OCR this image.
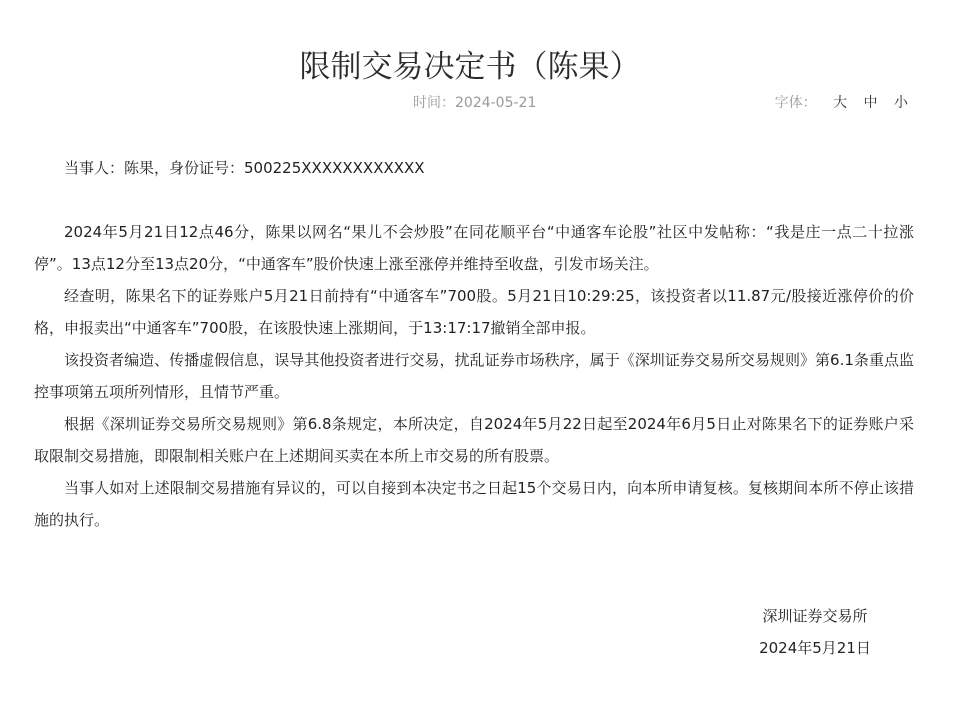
限制交易决定书（陈果）
时间：2024-05-21	字体： 大 中 小

当事人：陈果，身份证号：500225XXXXXXXXXXXX

2024年5月21日12点46分，陈果以网名“果儿不会炒股”在同花顺平台“中通客车论股”社区中发帖称：“我是庄一点二十拉涨停”。13点12分至13点20分，“中通客车”股价快速上涨至涨停并维持至收盘，引发市场关注。

经查明，陈果名下的证券账户5月21日前持有“中通客车”700股。5月21日10:29:25，该投资者以11.87元/股接近涨停价的价格，申报卖出“中通客车”700股，在该股快速上涨期间，于13:17:17撤销全部申报。

该投资者编造、传播虚假信息，误导其他投资者进行交易，扰乱证券市场秩序，属于《深圳证券交易所交易规则》第6.1条重点监控事项第五项所列情形，且情节严重。

根据《深圳证券交易所交易规则》第6.8条规定，本所决定，自2024年5月22日起至2024年6月5日止对陈果名下的证券账户采取限制交易措施，即限制相关账户在上述期间买卖在本所上市交易的所有股票。

当事人如对上述限制交易措施有异议的，可以自接到本决定书之日起15个交易日内，向本所申请复核。复核期间本所不停止该措施的执行。

深圳证券交易所
2024年5月21日
